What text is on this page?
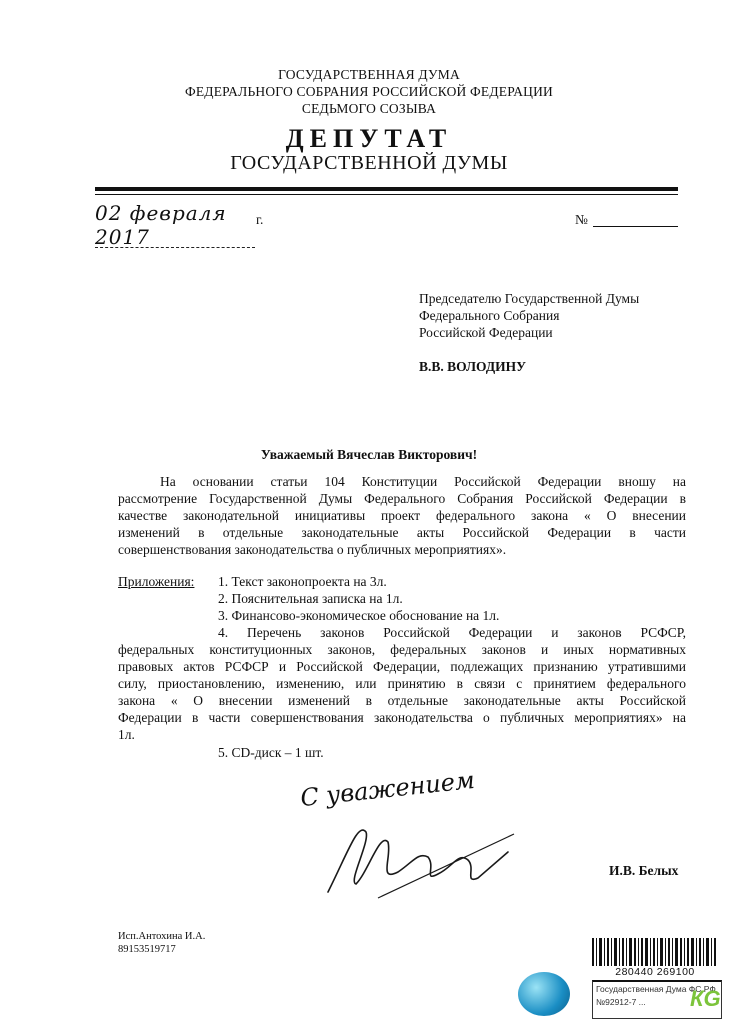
ГОСУДАРСТВЕННАЯ ДУМА
ФЕДЕРАЛЬНОГО СОБРАНИЯ РОССИЙСКОЙ ФЕДЕРАЦИИ
СЕДЬМОГО СОЗЫВА
ДЕПУТАТ
ГОСУДАРСТВЕННОЙ ДУМЫ
02 февраля 2017
г.	№
Председателю Государственной Думы
Федерального Собрания
Российской Федерации
В.В. ВОЛОДИНУ
Уважаемый Вячеслав Викторович!
На основании статьи 104 Конституции Российской Федерации вношу на
рассмотрение Государственной Думы Федерального Собрания Российской Федерации в
качестве законодательной инициативы проект федерального закона « О внесении
изменений в отдельные законодательные акты Российской Федерации в части
совершенствования законодательства о публичных мероприятиях».
Приложения: 1. Текст законопроекта на 3л.
2. Пояснительная записка на 1л.
3. Финансово-экономическое обоснование на 1л.
4. Перечень законов Российской Федерации и законов РСФСР,
федеральных конституционных законов, федеральных законов и иных нормативных
правовых актов РСФСР и Российской Федерации, подлежащих признанию утратившими
силу, приостановлению, изменению, или принятию в связи с принятием федерального
закона « О внесении изменений в отдельные законодательные акты Российской
Федерации в части совершенствования законодательства о публичных мероприятиях» на
1л.
5. CD-диск – 1 шт.
С уважением
И.В. Белых
Исп.Антохина И.А.
89153519717
280440 269100
Государственная Дума ФС РФ
№92912-7 ...	КG
